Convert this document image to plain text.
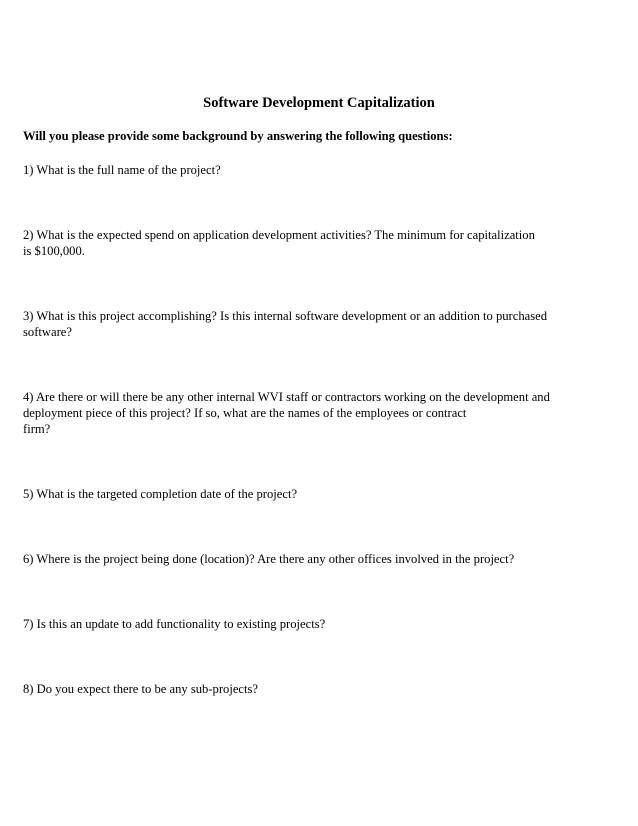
Software Development Capitalization

Will you please provide some background by answering the following questions:

1) What is the full name of the project?
2) What is the expected spend on application development activities? The minimum for capitalization
is $100,000.
3) What is this project accomplishing? Is this internal software development or an addition to purchased
software?
4) Are there or will there be any other internal WVI staff or contractors working on the development and
deployment piece of this project? If so, what are the names of the employees or contract
firm?
5) What is the targeted completion date of the project?
6) Where is the project being done (location)? Are there any other offices involved in the project?
7) Is this an update to add functionality to existing projects?
8) Do you expect there to be any sub-projects?
